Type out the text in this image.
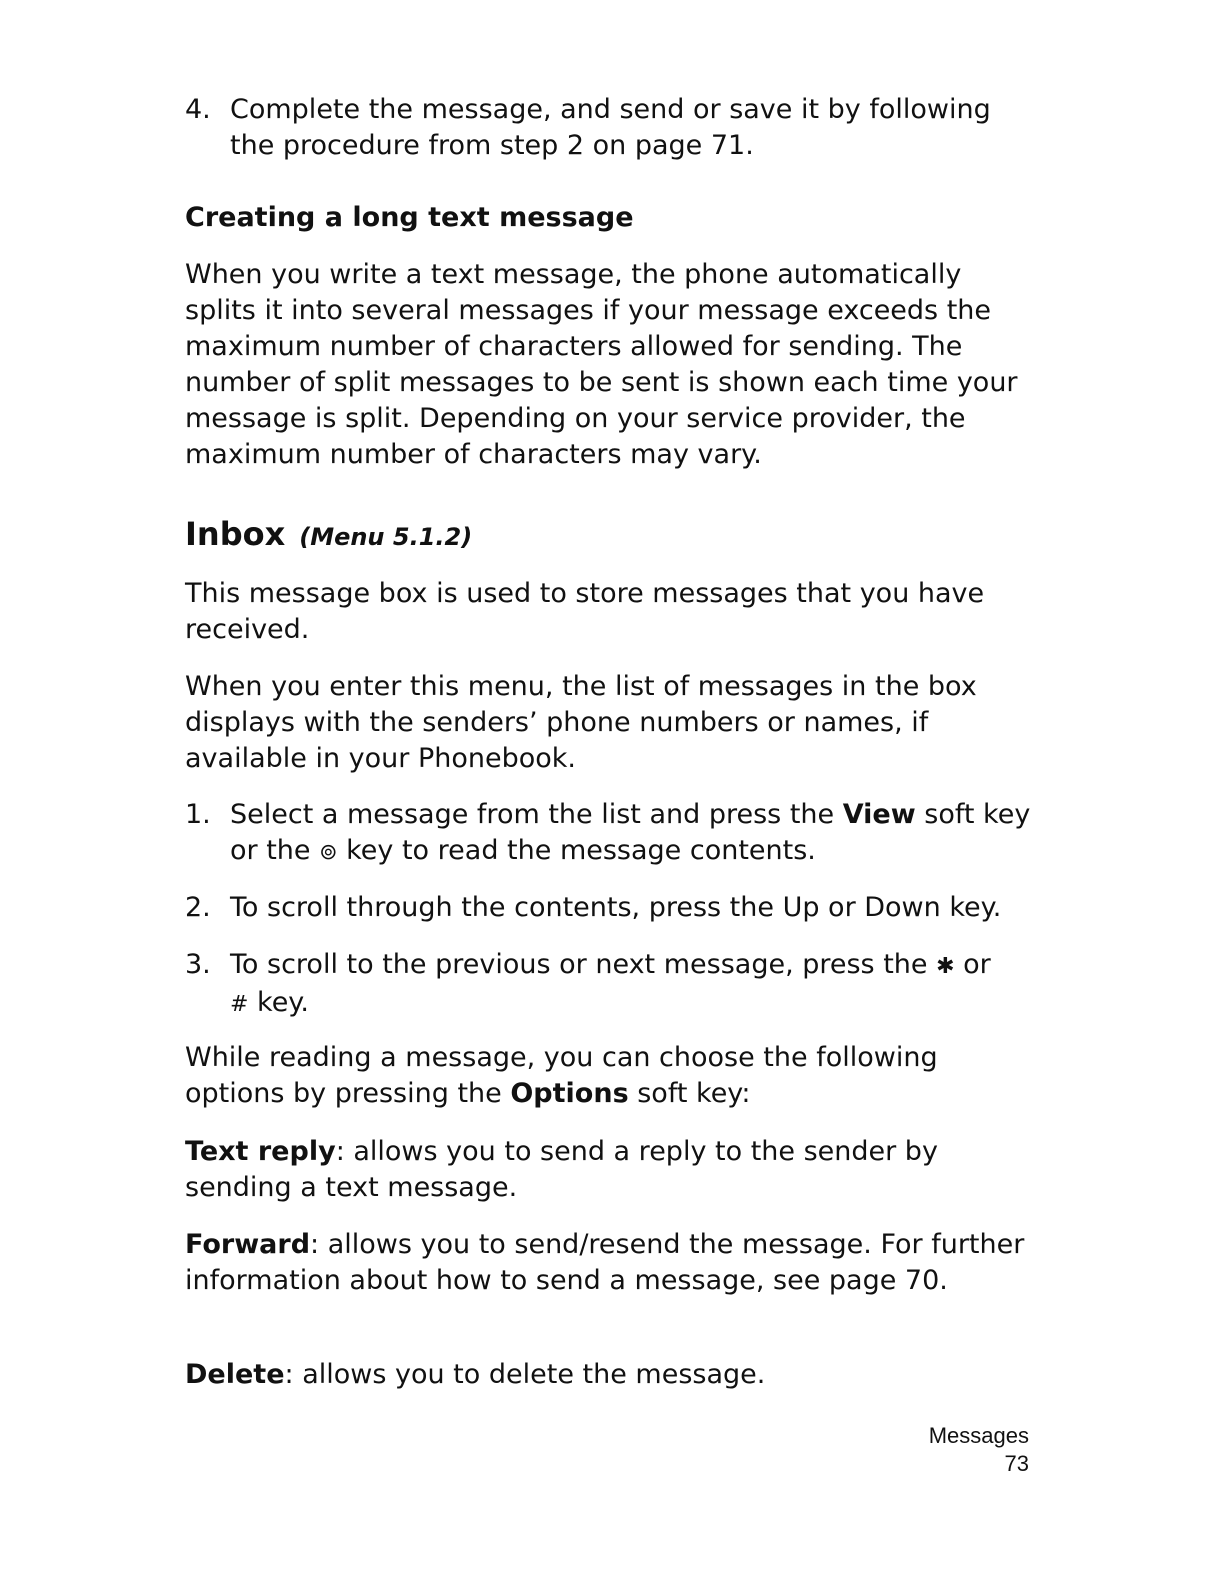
4. Complete the message, and send or save it by following the procedure from step 2 on page 71.
Creating a long text message

When you write a text message, the phone automatically splits it into several messages if your message exceeds the maximum number of characters allowed for sending. The number of split messages to be sent is shown each time your message is split. Depending on your service provider, the maximum number of characters may vary.

Inbox (Menu 5.1.2)

This message box is used to store messages that you have received.

When you enter this menu, the list of messages in the box displays with the senders’ phone numbers or names, if available in your Phonebook.

1. Select a message from the list and press the View soft key or the ⊚ key to read the message contents.
2. To scroll through the contents, press the Up or Down key.
3. To scroll to the previous or next message, press the ✱ or
# key.

While reading a message, you can choose the following options by pressing the Options soft key:

Text reply: allows you to send a reply to the sender by sending a text message.

Forward: allows you to send/resend the message. For further information about how to send a message, see page 70.

Delete: allows you to delete the message.

Messages
73
